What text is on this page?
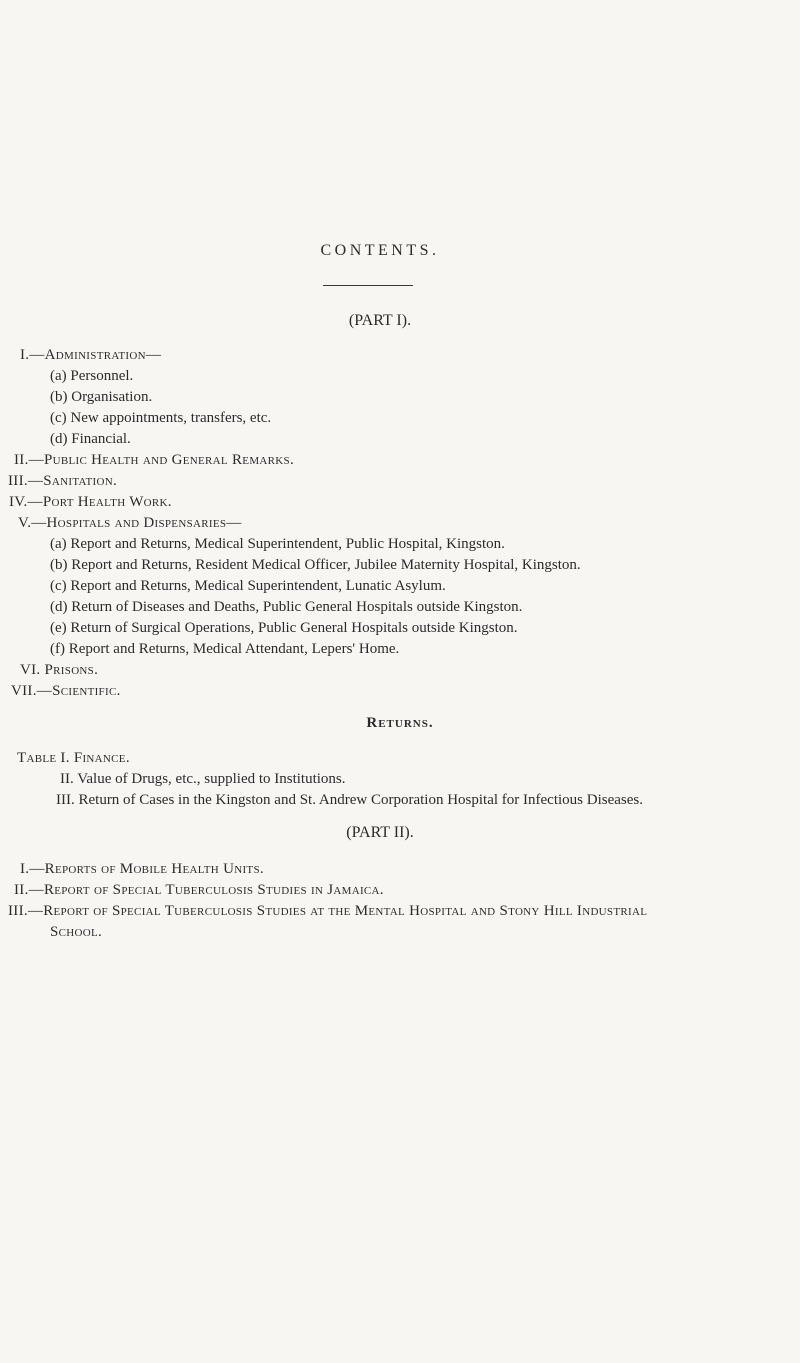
CONTENTS.
(PART I).
I.—Administration—
(a) Personnel.
(b) Organisation.
(c) New appointments, transfers, etc.
(d) Financial.
II.—Public Health and General Remarks.
III.—Sanitation.
IV.—Port Health Work.
V.—Hospitals and Dispensaries—
(a) Report and Returns, Medical Superintendent, Public Hospital, Kingston.
(b) Report and Returns, Resident Medical Officer, Jubilee Maternity Hospital, Kingston.
(c) Report and Returns, Medical Superintendent, Lunatic Asylum.
(d) Return of Diseases and Deaths, Public General Hospitals outside Kingston.
(e) Return of Surgical Operations, Public General Hospitals outside Kingston.
(f) Report and Returns, Medical Attendant, Lepers' Home.
VI. Prisons.
VII.—Scientific.
Returns.
Table I. Finance.
II. Value of Drugs, etc., supplied to Institutions.
III. Return of Cases in the Kingston and St. Andrew Corporation Hospital for Infectious Diseases.
(PART II).
I.—Reports of Mobile Health Units.
II.—Report of Special Tuberculosis Studies in Jamaica.
III.—Report of Special Tuberculosis Studies at the Mental Hospital and Stony Hill Industrial
School.
